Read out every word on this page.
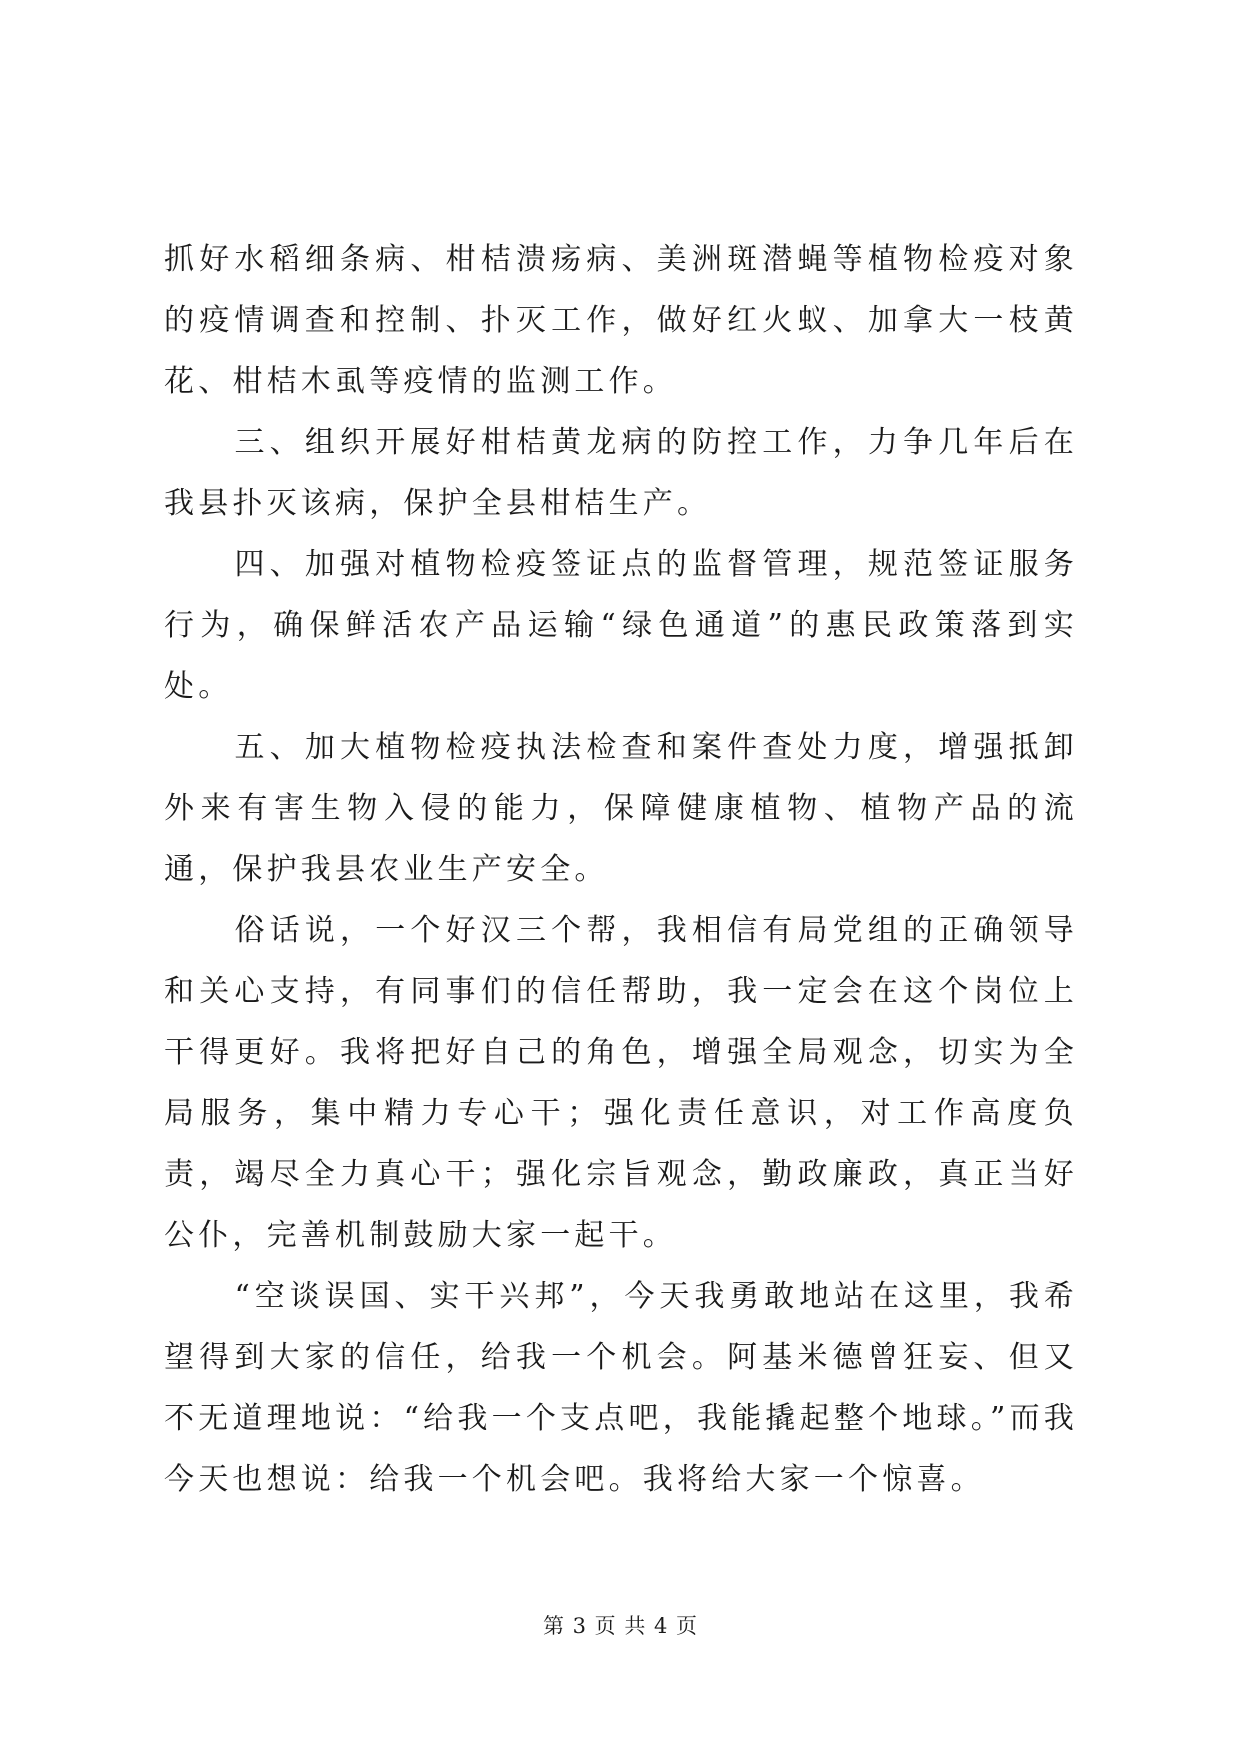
抓好水稻细条病、柑桔溃疡病、美洲斑潜蝇等植物检疫对象的疫情调查和控制、扑灭工作，做好红火蚁、加拿大一枝黄花、柑桔木虱等疫情的监测工作。

三、组织开展好柑桔黄龙病的防控工作，力争几年后在我县扑灭该病，保护全县柑桔生产。

四、加强对植物检疫签证点的监督管理，规范签证服务行为，确保鲜活农产品运输“绿色通道”的惠民政策落到实处。

五、加大植物检疫执法检查和案件查处力度，增强抵卸外来有害生物入侵的能力，保障健康植物、植物产品的流通，保护我县农业生产安全。

俗话说，一个好汉三个帮，我相信有局党组的正确领导和关心支持，有同事们的信任帮助，我一定会在这个岗位上干得更好。我将把好自己的角色，增强全局观念，切实为全局服务，集中精力专心干；强化责任意识，对工作高度负责，竭尽全力真心干；强化宗旨观念，勤政廉政，真正当好公仆，完善机制鼓励大家一起干。

“空谈误国、实干兴邦”，今天我勇敢地站在这里，我希望得到大家的信任，给我一个机会。阿基米德曾狂妄、但又不无道理地说：“给我一个支点吧，我能撬起整个地球。”而我今天也想说：给我一个机会吧。我将给大家一个惊喜。

第 3 页 共 4 页
